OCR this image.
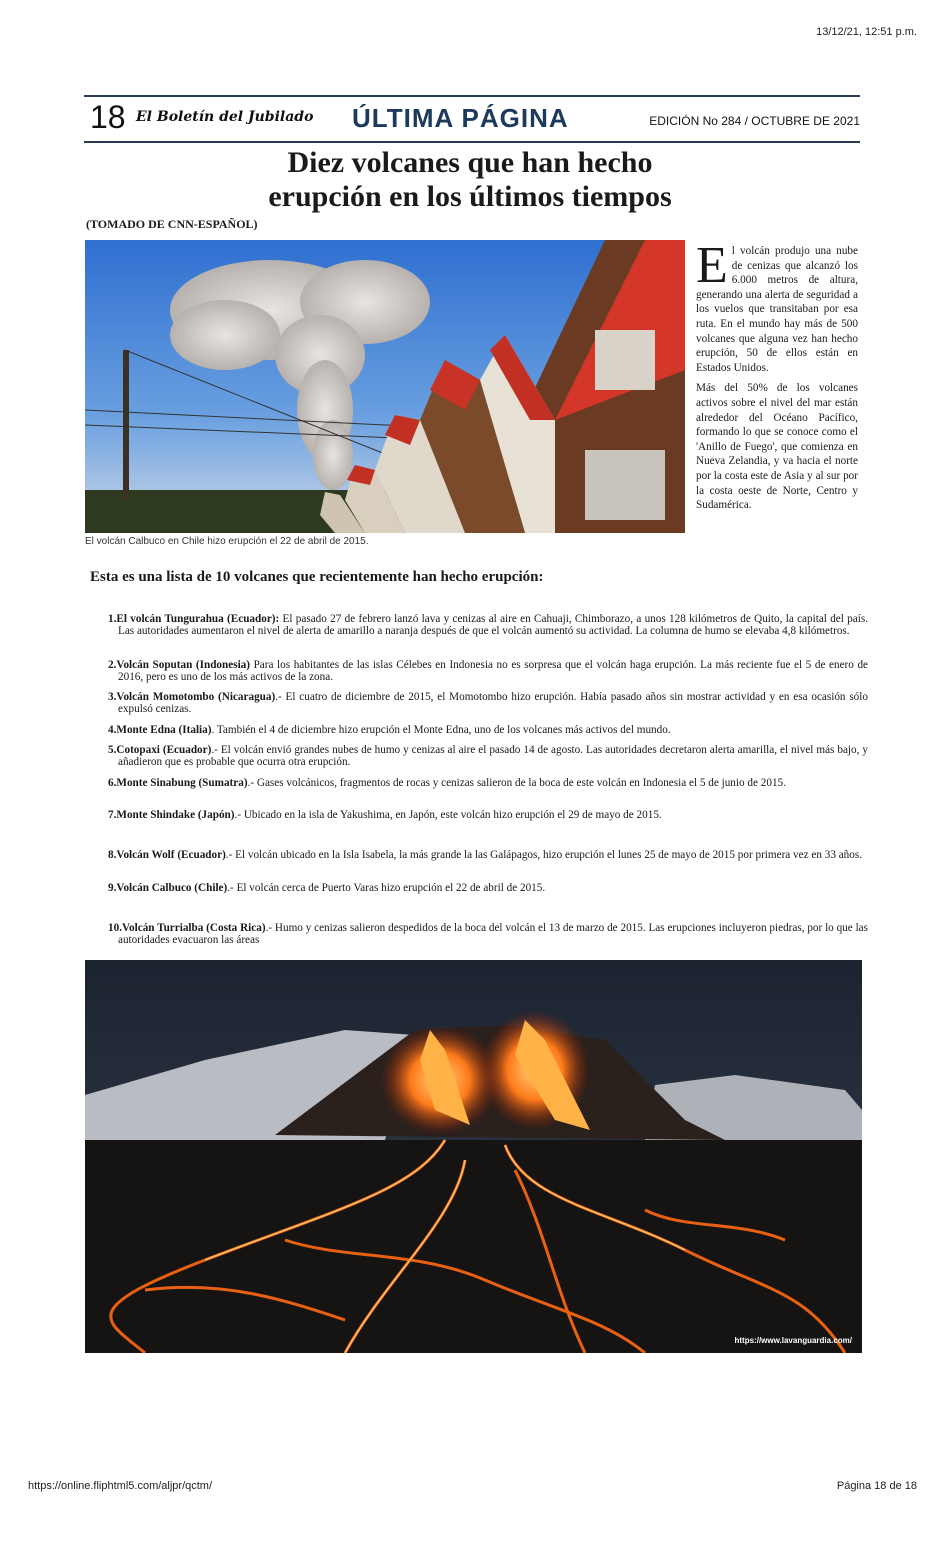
13/12/21, 12:51 p.m.
18 El Boletín del Jubilado ÚLTIMA PÁGINA	EDICIÓN No 284 / OCTUBRE DE 2021
Diez volcanes que han hecho
erupción en los últimos tiempos
(TOMADO DE CNN-ESPAÑOL)
El volcán Calbuco en Chile hizo erupción el 22 de abril de 2015.

El volcán produjo una nube de cenizas que alcanzó los 6.000 metros de altura, generando una alerta de seguridad a los vuelos que transitaban por esa ruta. En el mundo hay más de 500 volcanes que alguna vez han hecho erupción, 50 de ellos están en Estados Unidos.

Más del 50% de los volcanes activos sobre el nivel del mar están alrededor del Océano Pacífico, formando lo que se conoce como el 'Anillo de Fuego', que comienza en Nueva Zelandia, y va hacia el norte por la costa este de Asia y al sur por la costa oeste de Norte, Centro y Sudamérica.

Esta es una lista de 10 volcanes que recientemente han hecho erupción:
1.El volcán Tungurahua (Ecuador): El pasado 27 de febrero lanzó lava y cenizas al aire en Cahuaji, Chimborazo, a unos 128 kilómetros de Quito, la capital del país. Las autoridades aumentaron el nivel de alerta de amarillo a naranja después de que el volcán aumentó su actividad. La columna de humo se elevaba 4,8 kilómetros.
2.Volcán Soputan (Indonesia) Para los habitantes de las islas Célebes en Indonesia no es sorpresa que el volcán haga erupción. La más reciente fue el 5 de enero de 2016, pero es uno de los más activos de la zona.
3.Volcán Momotombo (Nicaragua).- El cuatro de diciembre de 2015, el Momotombo hizo erupción. Había pasado años sin mostrar actividad y en esa ocasión sólo expulsó cenizas.
4.Monte Edna (Italia). También el 4 de diciembre hizo erupción el Monte Edna, uno de los volcanes más activos del mundo.
5.Cotopaxi (Ecuador).- El volcán envió grandes nubes de humo y cenizas al aire el pasado 14 de agosto. Las autoridades decretaron alerta amarilla, el nivel más bajo, y añadieron que es probable que ocurra otra erupción.
6.Monte Sinabung (Sumatra).- Gases volcánicos, fragmentos de rocas y cenizas salieron de la boca de este volcán en Indonesia el 5 de junio de 2015.
7.Monte Shindake (Japón).- Ubicado en la isla de Yakushima, en Japón, este volcán hizo erupción el 29 de mayo de 2015.
8.Volcán Wolf (Ecuador).- El volcán ubicado en la Isla Isabela, la más grande la las Galápagos, hizo erupción el lunes 25 de mayo de 2015 por primera vez en 33 años.
9.Volcán Calbuco (Chile).- El volcán cerca de Puerto Varas hizo erupción el 22 de abril de 2015.
10.Volcán Turrialba (Costa Rica).- Humo y cenizas salieron despedidos de la boca del volcán el 13 de marzo de 2015. Las erupciones incluyeron piedras, por lo que las autoridades evacuaron las áreas
https://www.lavanguardia.com/
https://online.fliphtml5.com/aljpr/qctm/	Página 18 de 18
